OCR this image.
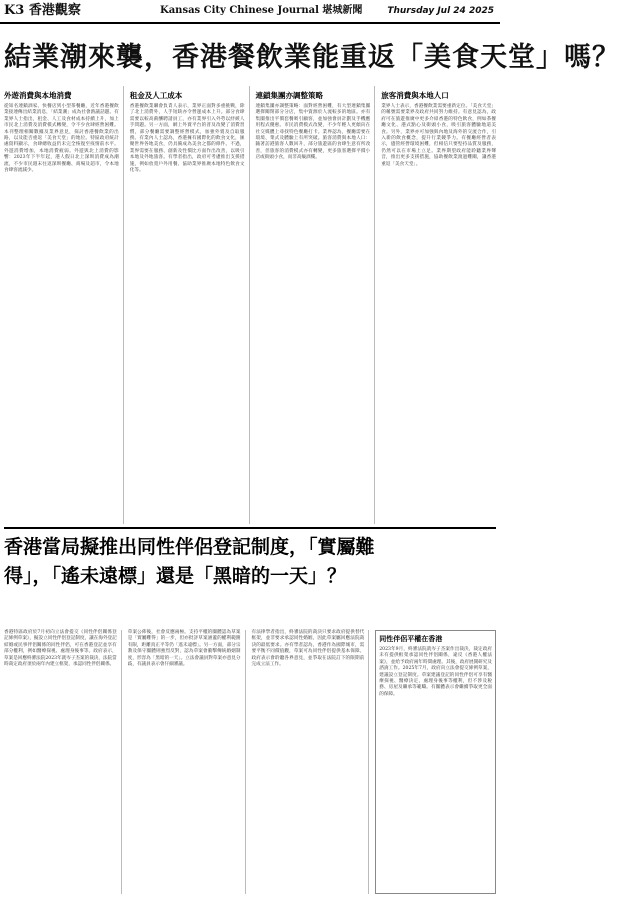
K3 香港觀察	Kansas City Chinese Journal 堪城新聞	Thursday Jul 24 2025
結業潮來襲，香港餐飲業能重返「美食天堂」嗎？
外遊消費與本地消費
從知名連鎖酒家、快餐店到小型茶餐廳，近年香港餐飲業接連傳出結業消息，「結業潮」成為社會熱議話題。有業界人士指出，租金、人工及食材成本持續上升，加上市民北上消費及消費模式轉變，令不少食肆經營困難。本刊整理相關數據及業界意見，探討香港餐飲業的出路，以及能否重返「美食天堂」的地位。特區政府統計處資料顯示，食肆總收益仍未完全恢復至疫情前水平。外遊消費增加，本地消費疲弱。外遊與北上消費的影響：2023年下半年起，港人假日北上深圳消費成為潮流，不少市民週末往返深圳餐廳、商場及超市，令本地食肆客流減少。
租金及人工成本
香港餐飲業聯會負責人表示，業界正面對多重挑戰，除了北上消費外，人手短缺亦令營運成本上升。部分食肆需要以較高薪酬聘請員工，亦有業界引入外勞以紓緩人手問題。另一方面，網上外賣平台的普及改變了消費習慣，部分餐廳需要調整經營模式，加強外賣及自取服務。有業內人士認為，香港擁有國際化的飲食文化，匯聚世界各地美食，仍具備成為美食之都的條件。不過，業界需要在服務、創新及性價比方面作出改善，以吸引本地及外地旅客。有學者指出，政府可考慮推出支援措施，例如放寬戶外用餐、協助業界推廣本地特色飲食文化等。
連鎖集團亦調整策略
連鎖集團亦調整策略：面對經營困難，有大型連鎖集團選擇關閉部分分店，集中資源於人流較多的地區。亦有集團推出平價套餐吸引顧客，並加強會員計劃及手機應用程式優惠。市民消費模式改變，不少年輕人更傾向在社交媒體上尋找特色餐廳打卡。業界認為，餐廳需要在環境、菜式及體驗上有所突破。旅客消費與本地人口：隨著訪港旅客人數回升，部分旅遊區的食肆生意有所改善，但旅客的消費模式亦有轉變，更多旅客選擇平價小店或街頭小食，而非高級酒樓。
旅客消費與本地人口
業界人士表示，香港餐飲業需要重新定位。「美食天堂」的稱號需要業界及政府共同努力維持。有意見認為，政府可在旅遊推廣中更多介紹香港的特色飲食，例如茶餐廳文化、港式點心及街頭小食，吸引旅客體驗地道美食。另外，業界亦可加強與內地及海外的交流合作，引入新的飲食概念，提升行業競爭力。有餐廳經營者表示，儘管經營環境困難，但相信只要堅持品質及服務，仍然可以在市場上立足。業界期望政府能聆聽業界聲音，推出更多支援措施，協助餐飲業渡過難關，讓香港重返「美食天堂」。
香港當局擬推出同性伴侶登記制度，「實屬難
得」，「遙未遠標」還是「黑暗的一天」？
香港特區政府於7月初向立法會提交《同性伴侶關係登記條例草案》，擬設立同性伴侶登記制度，讓在海外登記結婚或民事伴侶關係的同性伴侶，可在香港登記並享有部分權利，例如醫療探視、處理身後事等。政府表示，草案是回應終審法院2023年就岑子杰案的裁決，法院當時裁定政府須於兩年內建立框架，承認同性伴侶關係。
草案公佈後，社會反應兩極。支持平權的團體認為草案是「實屬難得」的一步，但亦批評草案涵蓋的權利範圍有限，距離真正平等仍「遙未遠標」。另一方面，部分宗教及保守團體則強烈反對，認為草案會衝擊傳統婚姻制度，形容為「黑暗的一天」。立法會議員對草案亦意見分歧，有議員表示會仔細審議。
有法律學者指出，終審法院的裁決只要求政府提供替代框架，並非要求承認同性婚姻，因此草案屬回應法院裁決的最低要求。亦有學者認為，香港作為國際城市，需要平衡不同價值觀，草案可為同性伴侶提供基本保障。政府表示會聆聽各界意見，並爭取在法院訂下的限期前完成立法工作。
同性伴侶平權在香港
2023年9月，終審法院就岑子杰案作出裁決，裁定政府未有提供框架承認同性伴侶關係，違反《香港人權法案》，並給予政府兩年時間處理。其後，政府展開研究及諮詢工作。2025年7月，政府向立法會提交條例草案，建議設立登記制度。草案建議登記的同性伴侶可享有醫療探視、醫療決定、處理身後事等權利，但不涉及稅務、房屋及繼承等範疇。有團體表示會繼續爭取更全面的保障。
